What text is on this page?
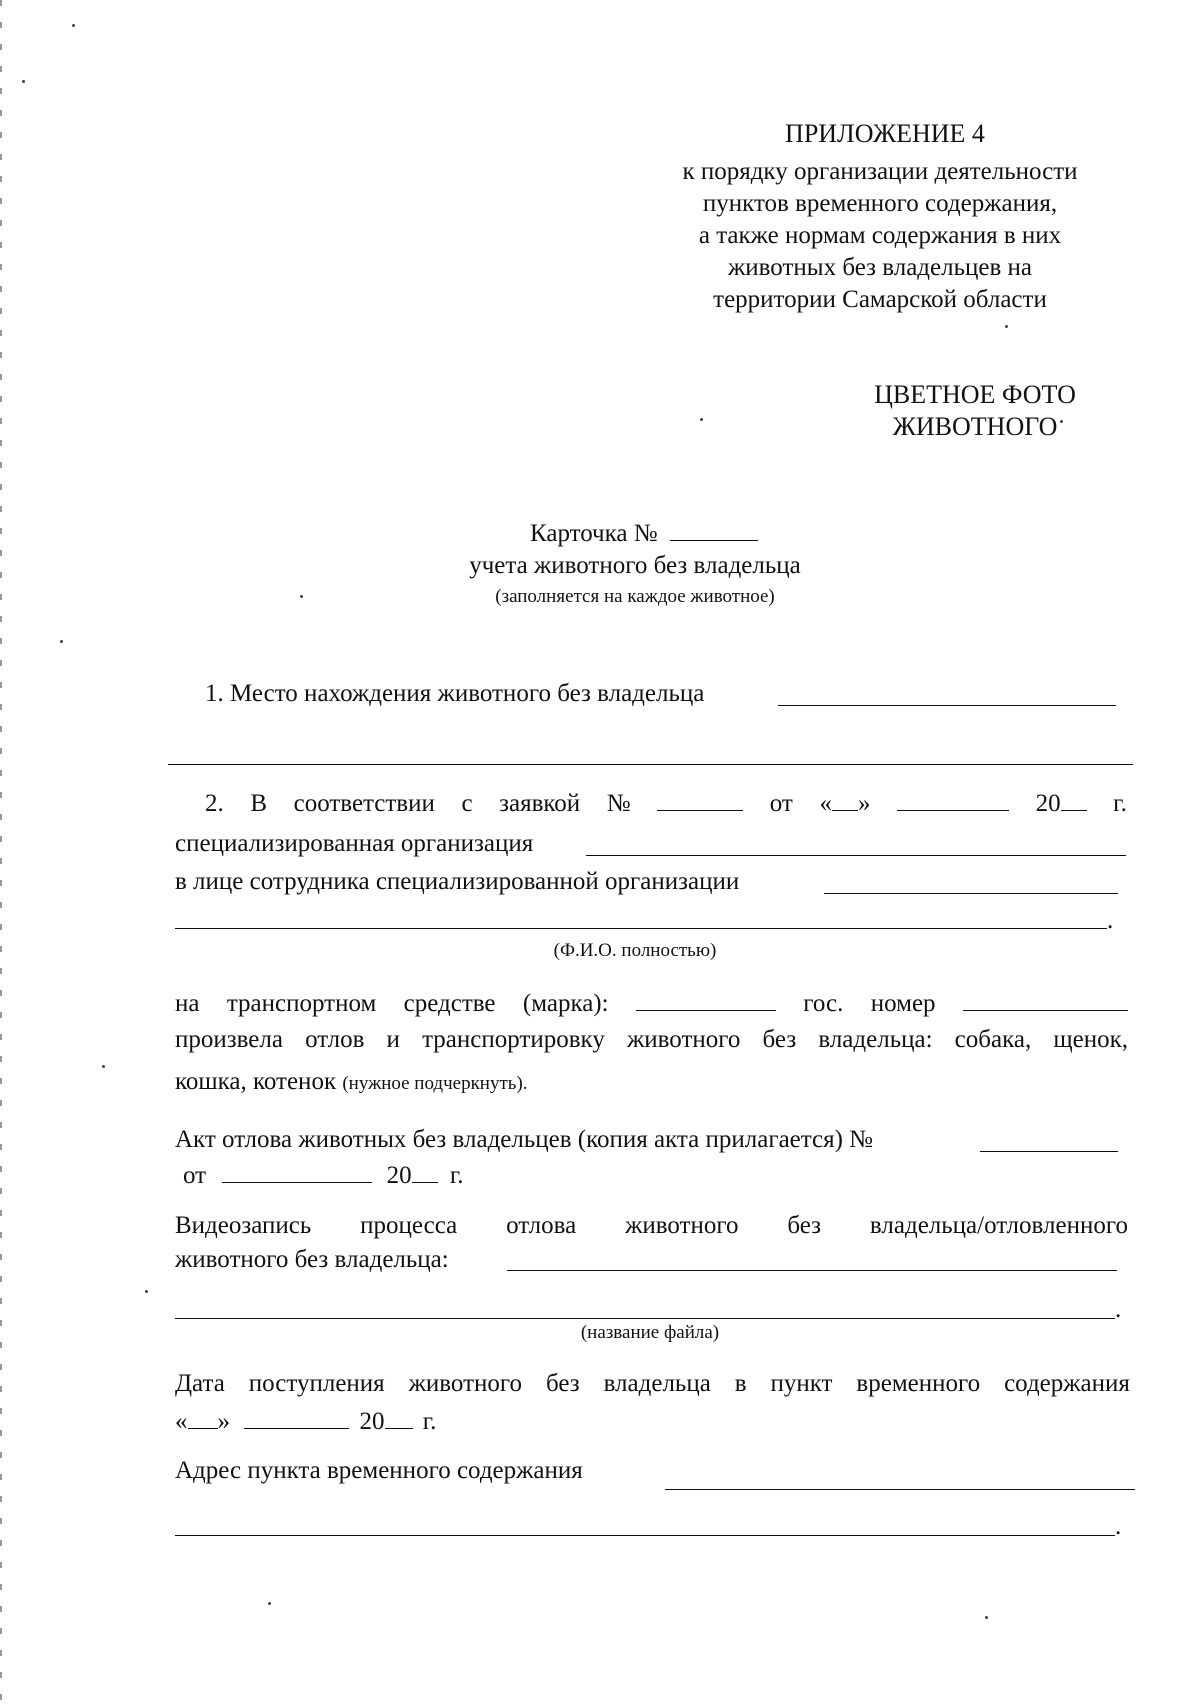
ПРИЛОЖЕНИЕ 4
к порядку организации деятельности
пунктов временного содержания,
а также нормам содержания в них
животных без владельцев на
территории Самарской области
ЦВЕТНОЕ ФОТО
ЖИВОТНОГО
Карточка №
учета животного без владельца
(заполняется на каждое животное)
1. Место нахождения животного без владельца
2. В соответствии с заявкой №	от « »	20	г.
специализированная организация
в лице сотрудника специализированной организации
.
(Ф.И.О. полностью)
на транспортном средстве (марка):	гос. номер
произвела отлов и транспортировку животного без владельца: собака, щенок,
кошка, котенок (нужное подчеркнуть).
Акт отлова животных без владельцев (копия акта прилагается) №
от	20 г.
Видеозапись процесса отлова животного без владельца/отловленного
животного без владельца:
.
(название файла)
Дата поступления животного без владельца в пункт временного содержания
« »	20 г.
Адрес пункта временного содержания
.
